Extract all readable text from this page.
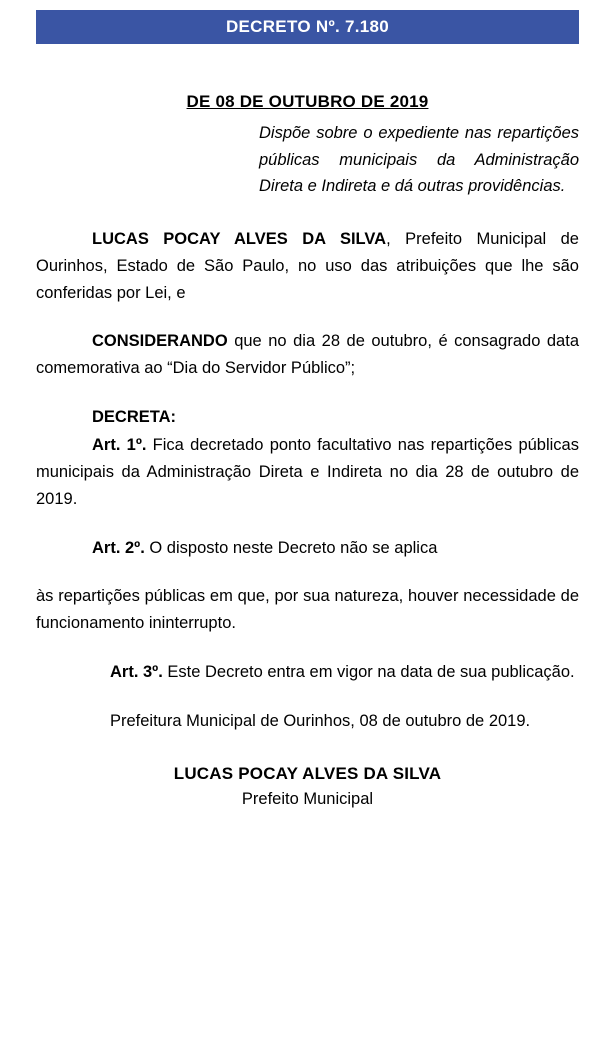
DECRETO Nº. 7.180
DE 08 DE OUTUBRO DE 2019
Dispõe sobre o expediente nas repartições públicas municipais da Administração Direta e Indireta e dá outras providências.

LUCAS POCAY ALVES DA SILVA, Prefeito Municipal de Ourinhos, Estado de São Paulo, no uso das atribuições que lhe são conferidas por Lei, e

CONSIDERANDO que no dia 28 de outubro, é consagrado data comemorativa ao “Dia do Servidor Público”;

DECRETA:

Art. 1º. Fica decretado ponto facultativo nas repartições públicas municipais da Administração Direta e Indireta no dia 28 de outubro de 2019.

Art. 2º. O disposto neste Decreto não se aplica

às repartições públicas em que, por sua natureza, houver necessidade de funcionamento ininterrupto.

Art. 3º. Este Decreto entra em vigor na data de sua publicação.

Prefeitura Municipal de Ourinhos, 08 de outubro de 2019.

LUCAS POCAY ALVES DA SILVA
Prefeito Municipal
